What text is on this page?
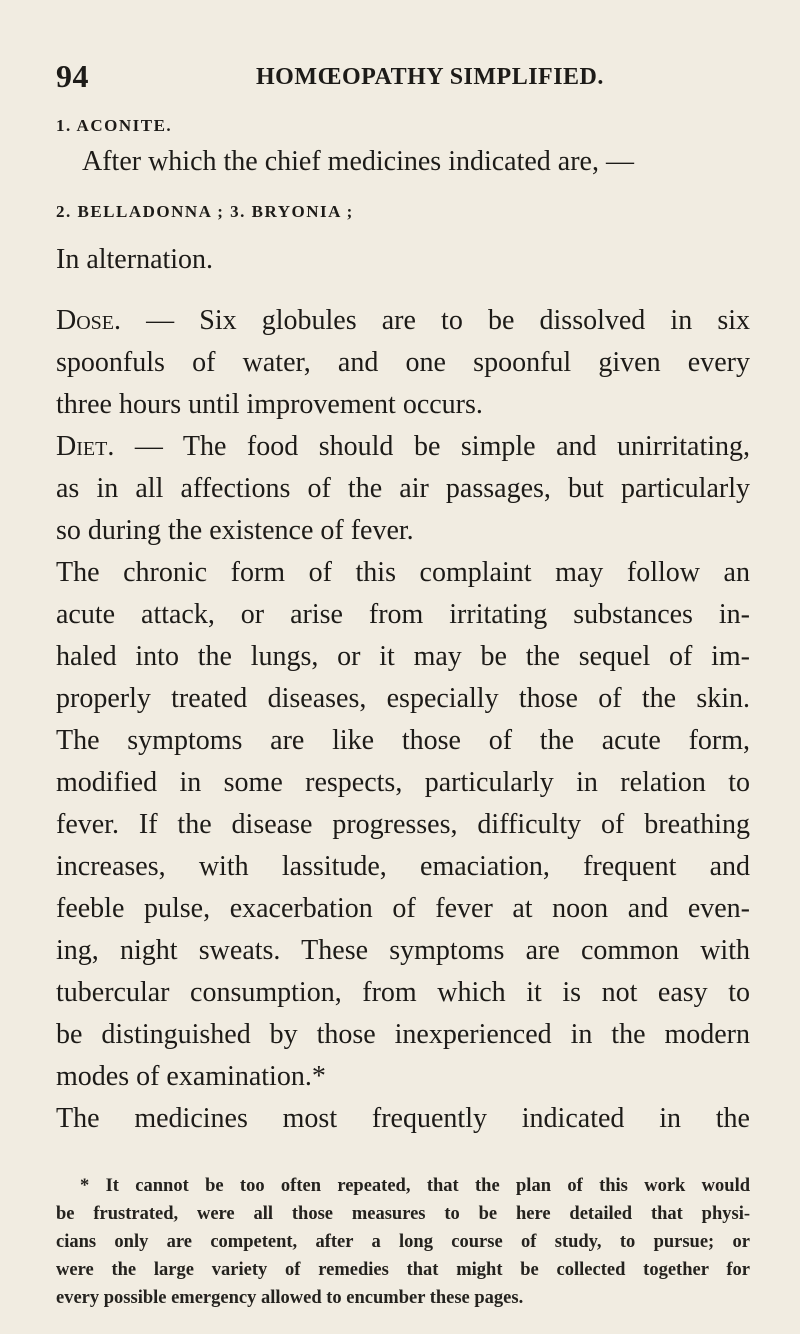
94	HOMŒOPATHY SIMPLIFIED.
1. ACONITE.
After which the chief medicines indicated are, —
2. BELLADONNA ; 3. BRYONIA ;
In alternation.
Dose. — Six globules are to be dissolved in six
spoonfuls of water, and one spoonful given every
three hours until improvement occurs.
Diet. — The food should be simple and unirritating,
as in all affections of the air passages, but particularly
so during the existence of fever.
The chronic form of this complaint may follow an
acute attack, or arise from irritating substances in-
haled into the lungs, or it may be the sequel of im-
properly treated diseases, especially those of the skin.
The symptoms are like those of the acute form,
modified in some respects, particularly in relation to
fever. If the disease progresses, difficulty of breathing
increases, with lassitude, emaciation, frequent and
feeble pulse, exacerbation of fever at noon and even-
ing, night sweats. These symptoms are common with
tubercular consumption, from which it is not easy to
be distinguished by those inexperienced in the modern
modes of examination.*
The medicines most frequently indicated in the
* It cannot be too often repeated, that the plan of this work would
be frustrated, were all those measures to be here detailed that physi-
cians only are competent, after a long course of study, to pursue; or
were the large variety of remedies that might be collected together for
every possible emergency allowed to encumber these pages.
